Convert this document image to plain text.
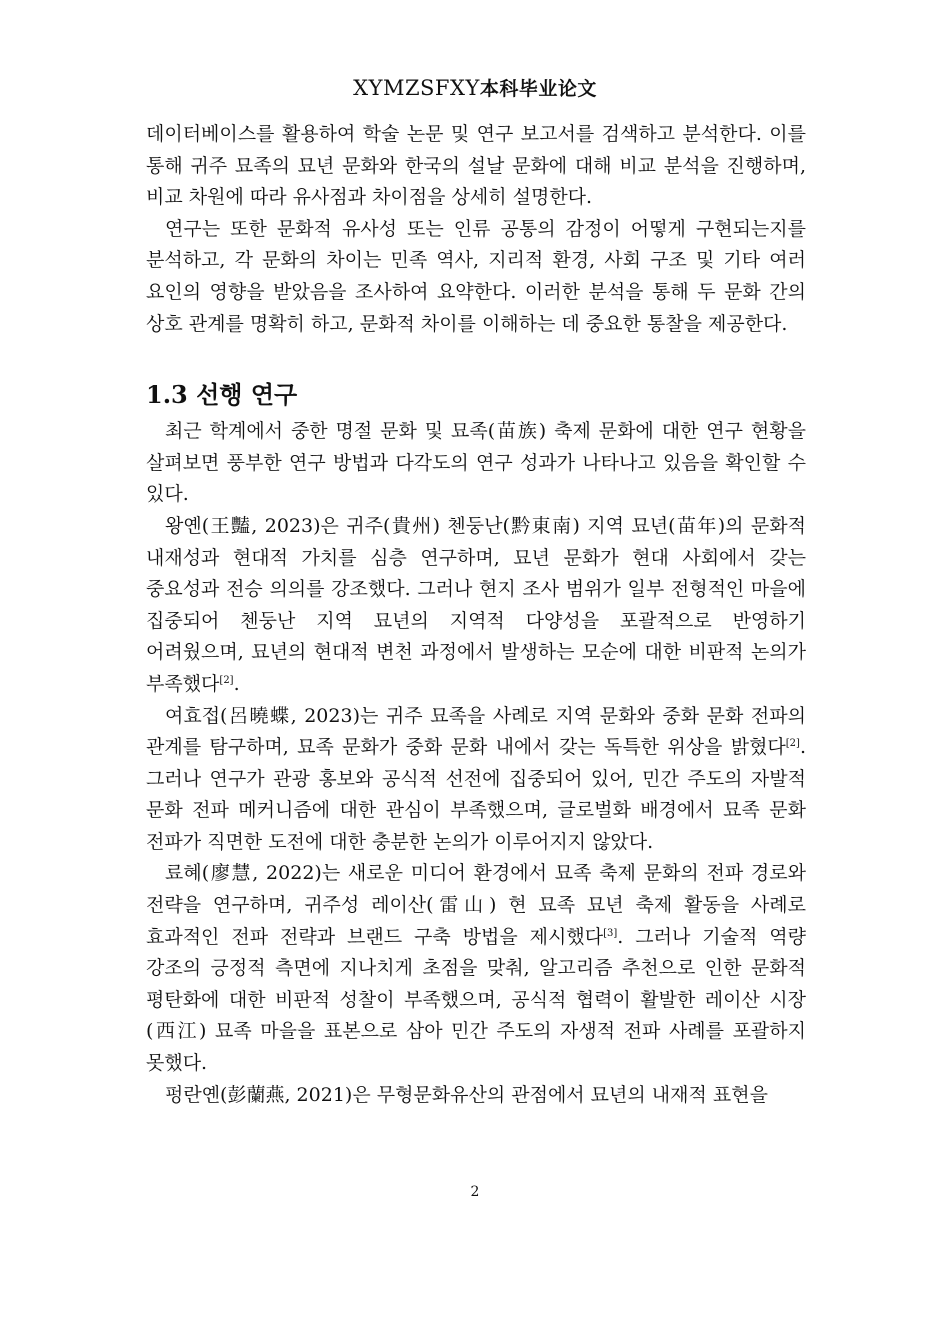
XYMZSFXY本科毕业论文

데이터베이스를 활용하여 학술 논문 및 연구 보고서를 검색하고 분석한다. 이를 통해 귀주 묘족의 묘년 문화와 한국의 설날 문화에 대해 비교 분석을 진행하며, 비교 차원에 따라 유사점과 차이점을 상세히 설명한다.

연구는 또한 문화적 유사성 또는 인류 공통의 감정이 어떻게 구현되는지를 분석하고, 각 문화의 차이는 민족 역사, 지리적 환경, 사회 구조 및 기타 여러 요인의 영향을 받았음을 조사하여 요약한다. 이러한 분석을 통해 두 문화 간의 상호 관계를 명확히 하고, 문화적 차이를 이해하는 데 중요한 통찰을 제공한다.

1.3 선행 연구

최근 학계에서 중한 명절 문화 및 묘족(苗族) 축제 문화에 대한 연구 현황을 살펴보면 풍부한 연구 방법과 다각도의 연구 성과가 나타나고 있음을 확인할 수 있다.

왕옌(王豔, 2023)은 귀주(貴州) 첸둥난(黔東南) 지역 묘년(苗年)의 문화적 내재성과 현대적 가치를 심층 연구하며, 묘년 문화가 현대 사회에서 갖는 중요성과 전승 의의를 강조했다. 그러나 현지 조사 범위가 일부 전형적인 마을에 집중되어 첸둥난 지역 묘년의 지역적 다양성을 포괄적으로 반영하기 어려웠으며, 묘년의 현대적 변천 과정에서 발생하는 모순에 대한 비판적 논의가 부족했다[2].

여효접(呂曉蝶, 2023)는 귀주 묘족을 사례로 지역 문화와 중화 문화 전파의 관계를 탐구하며, 묘족 문화가 중화 문화 내에서 갖는 독특한 위상을 밝혔다[2]. 그러나 연구가 관광 홍보와 공식적 선전에 집중되어 있어, 민간 주도의 자발적 문화 전파 메커니즘에 대한 관심이 부족했으며, 글로벌화 배경에서 묘족 문화 전파가 직면한 도전에 대한 충분한 논의가 이루어지지 않았다.

료혜(廖慧, 2022)는 새로운 미디어 환경에서 묘족 축제 문화의 전파 경로와 전략을 연구하며, 귀주성 레이산(雷山) 현 묘족 묘년 축제 활동을 사례로 효과적인 전파 전략과 브랜드 구축 방법을 제시했다[3]. 그러나 기술적 역량 강조의 긍정적 측면에 지나치게 초점을 맞춰, 알고리즘 추천으로 인한 문화적 평탄화에 대한 비판적 성찰이 부족했으며, 공식적 협력이 활발한 레이산 시장(西江) 묘족 마을을 표본으로 삼아 민간 주도의 자생적 전파 사례를 포괄하지 못했다.

펑란옌(彭蘭燕, 2021)은 무형문화유산의 관점에서 묘년의 내재적 표현을

2
